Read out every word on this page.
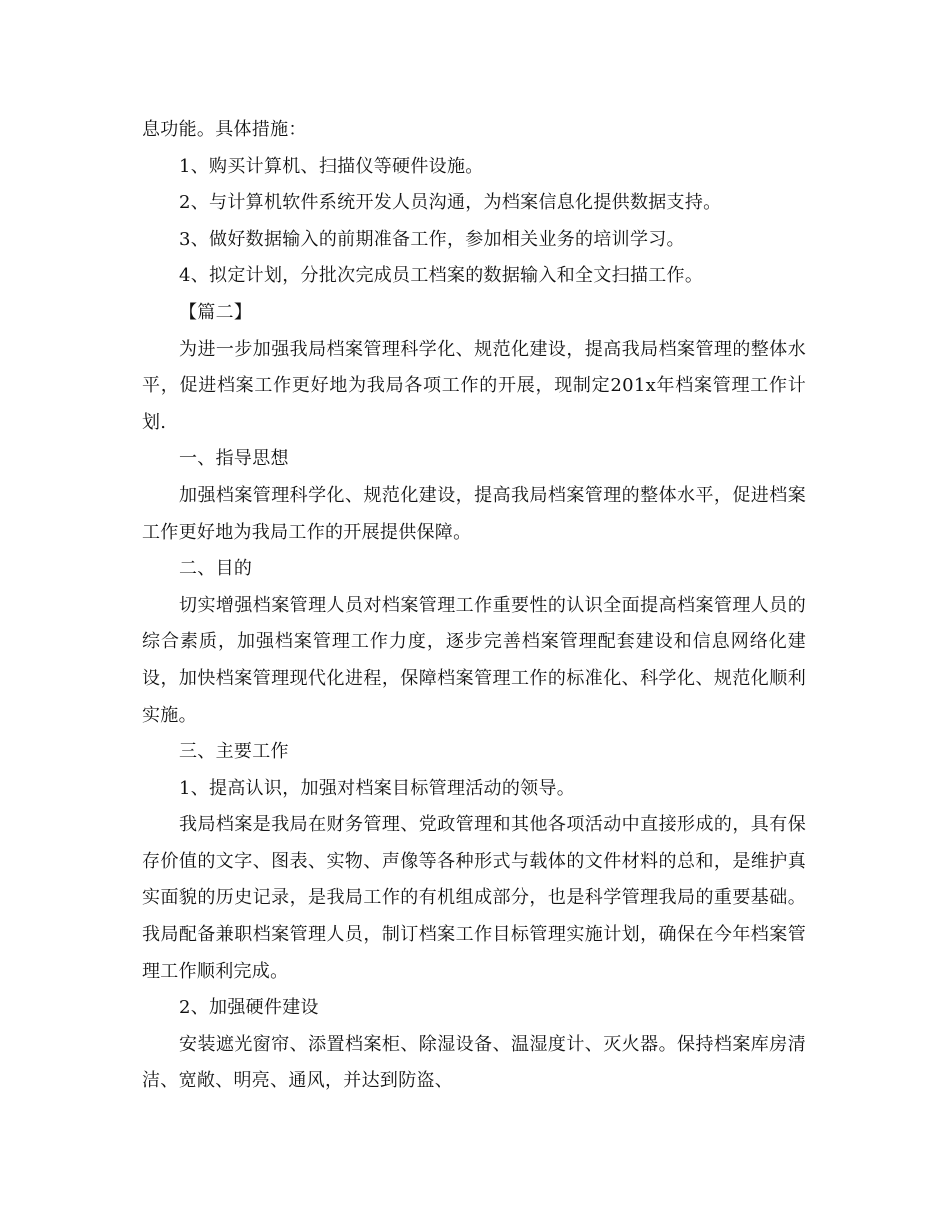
息功能。具体措施：

1、购买计算机、扫描仪等硬件设施。

2、与计算机软件系统开发人员沟通，为档案信息化提供数据支持。

3、做好数据输入的前期准备工作，参加相关业务的培训学习。

4、拟定计划，分批次完成员工档案的数据输入和全文扫描工作。

【篇二】

为进一步加强我局档案管理科学化、规范化建设，提高我局档案管理的整体水平，促进档案工作更好地为我局各项工作的开展，现制定201x年档案管理工作计划.

一、指导思想

加强档案管理科学化、规范化建设，提高我局档案管理的整体水平，促进档案工作更好地为我局工作的开展提供保障。

二、目的

切实增强档案管理人员对档案管理工作重要性的认识全面提高档案管理人员的综合素质，加强档案管理工作力度，逐步完善档案管理配套建设和信息网络化建设，加快档案管理现代化进程，保障档案管理工作的标准化、科学化、规范化顺利实施。

三、主要工作

1、提高认识，加强对档案目标管理活动的领导。

我局档案是我局在财务管理、党政管理和其他各项活动中直接形成的，具有保存价值的文字、图表、实物、声像等各种形式与载体的文件材料的总和，是维护真实面貌的历史记录，是我局工作的有机组成部分，也是科学管理我局的重要基础。我局配备兼职档案管理人员，制订档案工作目标管理实施计划，确保在今年档案管理工作顺利完成。

2、加强硬件建设

安装遮光窗帘、添置档案柜、除湿设备、温湿度计、灭火器。保持档案库房清洁、宽敞、明亮、通风，并达到防盗、
